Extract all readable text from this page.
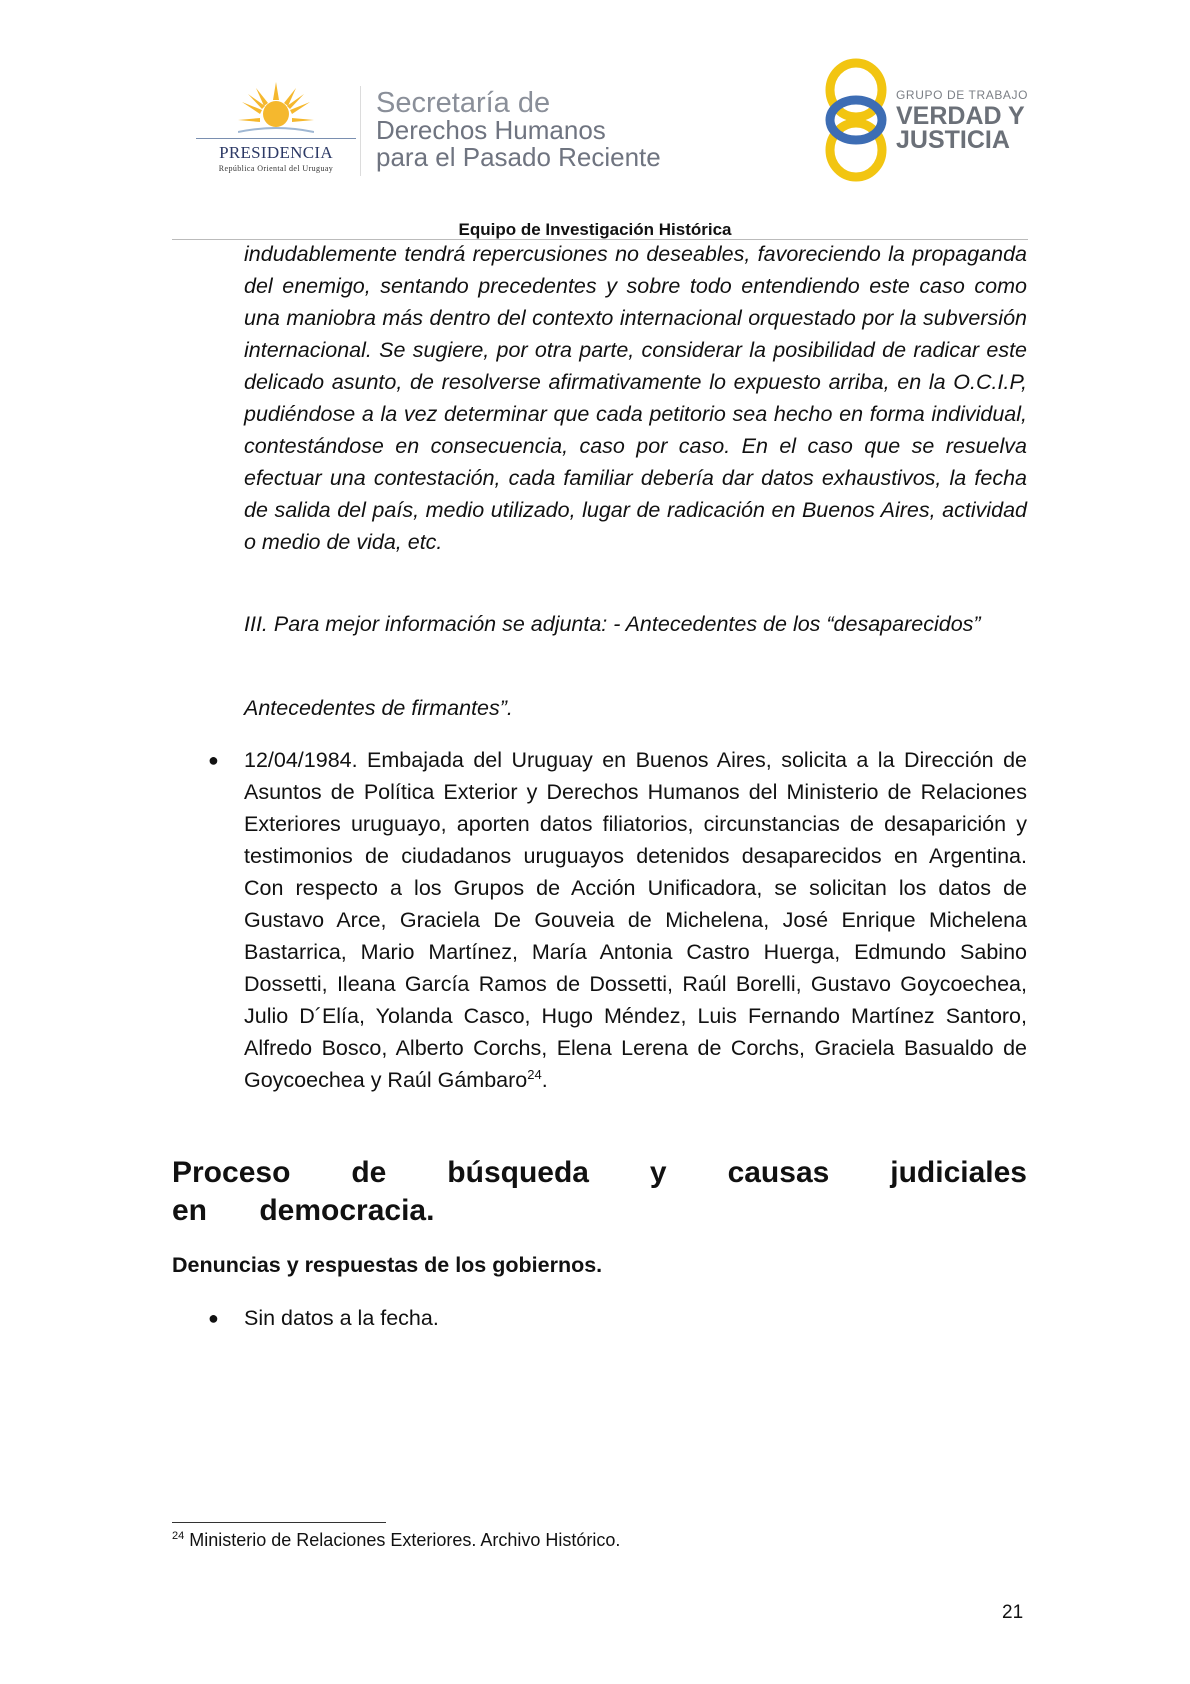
PRESIDENCIA
República Oriental del Uruguay
Secretaría de
Derechos Humanos
para el Pasado Reciente
GRUPO DE TRABAJO
VERDAD Y
JUSTICIA
Equipo de Investigación Histórica
indudablemente tendrá repercusiones no deseables, favoreciendo la propaganda del enemigo, sentando precedentes y sobre todo entendiendo este caso como una maniobra más dentro del contexto internacional orquestado por la subversión internacional. Se sugiere, por otra parte, considerar la posibilidad de radicar este delicado asunto, de resolverse afirmativamente lo expuesto arriba, en la O.C.I.P, pudiéndose a la vez determinar que cada petitorio sea hecho en forma individual, contestándose en consecuencia, caso por caso. En el caso que se resuelva efectuar una contestación, cada familiar debería dar datos exhaustivos, la fecha de salida del país, medio utilizado, lugar de radicación en Buenos Aires, actividad o medio de vida, etc.
III. Para mejor información se adjunta: - Antecedentes de los “desaparecidos”
Antecedentes de firmantes”.
● 12/04/1984. Embajada del Uruguay en Buenos Aires, solicita a la Dirección de Asuntos de Política Exterior y Derechos Humanos del Ministerio de Relaciones Exteriores uruguayo, aporten datos filiatorios, circunstancias de desaparición y testimonios de ciudadanos uruguayos detenidos desaparecidos en Argentina. Con respecto a los Grupos de Acción Unificadora, se solicitan los datos de Gustavo Arce, Graciela De Gouveia de Michelena, José Enrique Michelena Bastarrica, Mario Martínez, María Antonia Castro Huerga, Edmundo Sabino Dossetti, Ileana García Ramos de Dossetti, Raúl Borelli, Gustavo Goycoechea, Julio D´Elía, Yolanda Casco, Hugo Méndez, Luis Fernando Martínez Santoro, Alfredo Bosco, Alberto Corchs, Elena Lerena de Corchs, Graciela Basualdo de Goycoechea y Raúl Gámbaro$^{24}$.
Proceso de búsqueda y causas judiciales en democracia.
Denuncias y respuestas de los gobiernos.
● Sin datos a la fecha.
$^{24}$ Ministerio de Relaciones Exteriores. Archivo Histórico.
21
